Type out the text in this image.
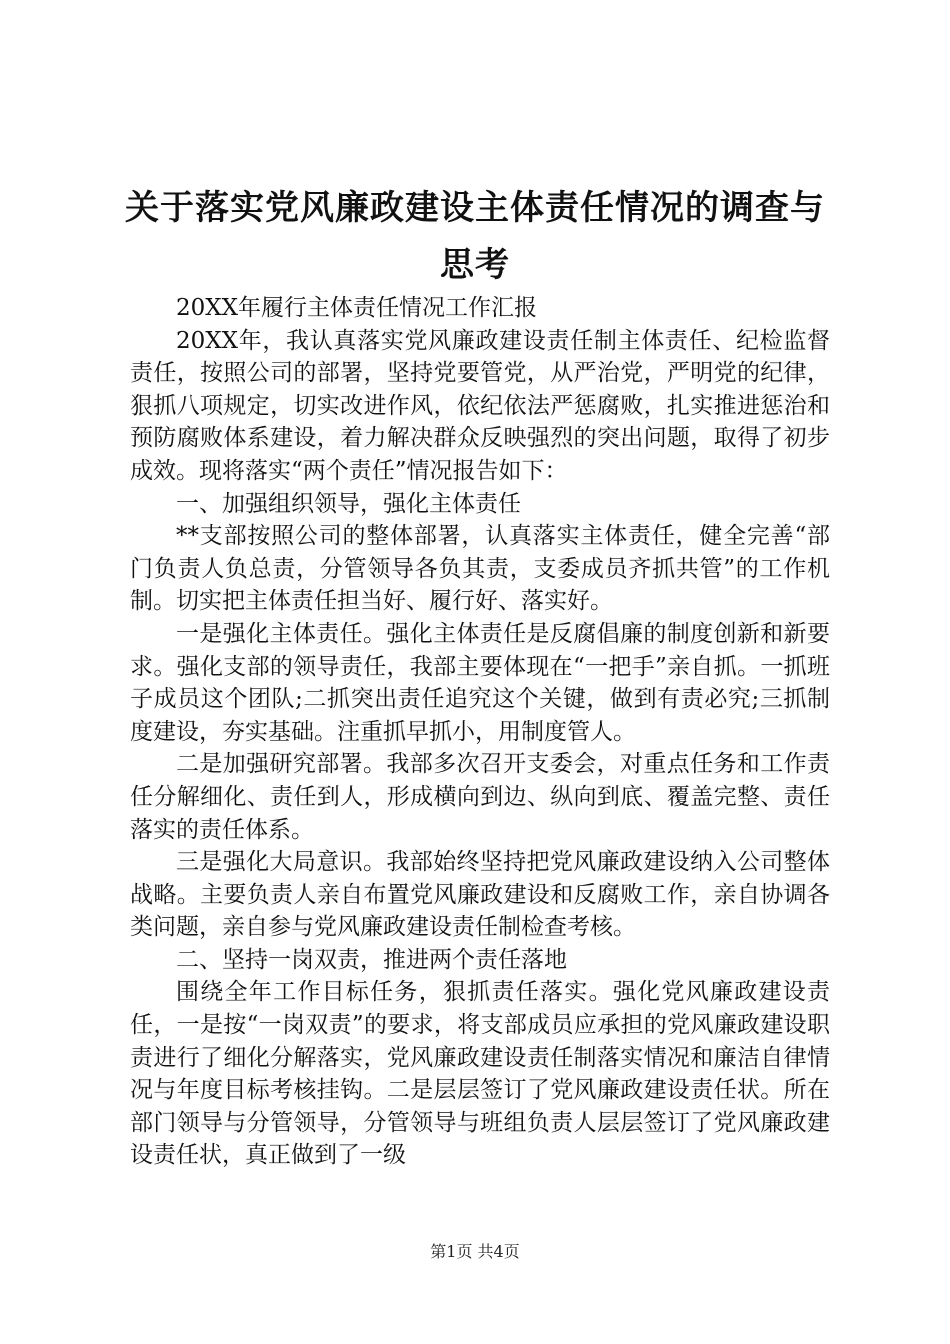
关于落实党风廉政建设主体责任情况的调查与
思考

20XX年履行主体责任情况工作汇报

20XX年，我认真落实党风廉政建设责任制主体责任、纪检监督责任，按照公司的部署，坚持党要管党，从严治党，严明党的纪律，狠抓八项规定，切实改进作风，依纪依法严惩腐败，扎实推进惩治和预防腐败体系建设，着力解决群众反映强烈的突出问题，取得了初步成效。现将落实“两个责任”情况报告如下：

一、加强组织领导，强化主体责任

**支部按照公司的整体部署，认真落实主体责任，健全完善“部门负责人负总责，分管领导各负其责，支委成员齐抓共管”的工作机制。切实把主体责任担当好、履行好、落实好。

一是强化主体责任。强化主体责任是反腐倡廉的制度创新和新要求。强化支部的领导责任，我部主要体现在“一把手”亲自抓。一抓班子成员这个团队;二抓突出责任追究这个关键，做到有责必究;三抓制度建设，夯实基础。注重抓早抓小，用制度管人。

二是加强研究部署。我部多次召开支委会，对重点任务和工作责任分解细化、责任到人，形成横向到边、纵向到底、覆盖完整、责任落实的责任体系。

三是强化大局意识。我部始终坚持把党风廉政建设纳入公司整体战略。主要负责人亲自布置党风廉政建设和反腐败工作，亲自协调各类问题，亲自参与党风廉政建设责任制检查考核。

二、坚持一岗双责，推进两个责任落地

围绕全年工作目标任务，狠抓责任落实。强化党风廉政建设责任，一是按“一岗双责”的要求，将支部成员应承担的党风廉政建设职责进行了细化分解落实，党风廉政建设责任制落实情况和廉洁自律情况与年度目标考核挂钩。二是层层签订了党风廉政建设责任状。所在部门领导与分管领导，分管领导与班组负责人层层签订了党风廉政建设责任状，真正做到了一级

第1页 共4页
